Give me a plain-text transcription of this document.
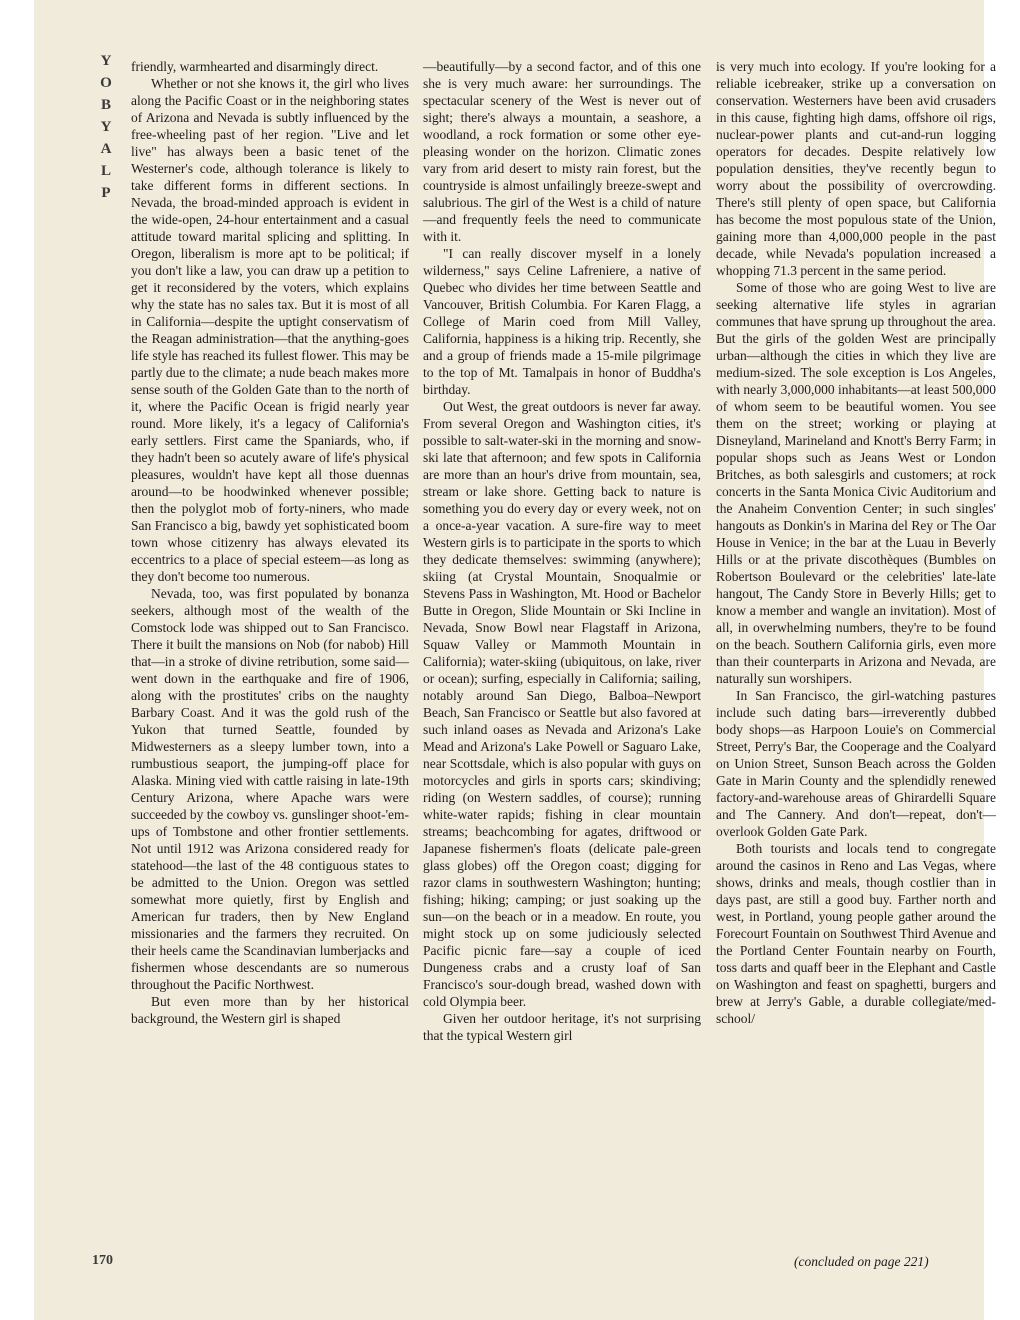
Y
O
B
Y
A
L
P

friendly, warmhearted and disarmingly direct.

Whether or not she knows it, the girl who lives along the Pacific Coast or in the neighboring states of Arizona and Nevada is subtly influenced by the free-wheeling past of her region. "Live and let live" has always been a basic tenet of the Westerner's code, although tolerance is likely to take different forms in different sections. In Nevada, the broad-minded approach is evident in the wide-open, 24-hour entertainment and a casual attitude toward marital splicing and splitting. In Oregon, liberalism is more apt to be political; if you don't like a law, you can draw up a petition to get it reconsidered by the voters, which explains why the state has no sales tax. But it is most of all in California—despite the uptight conservatism of the Reagan administration—that the anything-goes life style has reached its fullest flower. This may be partly due to the climate; a nude beach makes more sense south of the Golden Gate than to the north of it, where the Pacific Ocean is frigid nearly year round. More likely, it's a legacy of California's early settlers. First came the Spaniards, who, if they hadn't been so acutely aware of life's physical pleasures, wouldn't have kept all those duennas around—to be hoodwinked whenever possible; then the polyglot mob of forty-niners, who made San Francisco a big, bawdy yet sophisticated boom town whose citizenry has always elevated its eccentrics to a place of special esteem—as long as they don't become too numerous.

Nevada, too, was first populated by bonanza seekers, although most of the wealth of the Comstock lode was shipped out to San Francisco. There it built the mansions on Nob (for nabob) Hill that—in a stroke of divine retribution, some said—went down in the earthquake and fire of 1906, along with the prostitutes' cribs on the naughty Barbary Coast. And it was the gold rush of the Yukon that turned Seattle, founded by Midwesterners as a sleepy lumber town, into a rumbustious seaport, the jumping-off place for Alaska. Mining vied with cattle raising in late-19th Century Arizona, where Apache wars were succeeded by the cowboy vs. gunslinger shoot-'em-ups of Tombstone and other frontier settlements. Not until 1912 was Arizona considered ready for statehood—the last of the 48 contiguous states to be admitted to the Union. Oregon was settled somewhat more quietly, first by English and American fur traders, then by New England missionaries and the farmers they recruited. On their heels came the Scandinavian lumberjacks and fishermen whose descendants are so numerous throughout the Pacific Northwest.

But even more than by her historical background, the Western girl is shaped

—beautifully—by a second factor, and of this one she is very much aware: her surroundings. The spectacular scenery of the West is never out of sight; there's always a mountain, a seashore, a woodland, a rock formation or some other eye-pleasing wonder on the horizon. Climatic zones vary from arid desert to misty rain forest, but the countryside is almost unfailingly breeze-swept and salubrious. The girl of the West is a child of nature—and frequently feels the need to communicate with it.

"I can really discover myself in a lonely wilderness," says Celine Lafreniere, a native of Quebec who divides her time between Seattle and Vancouver, British Columbia. For Karen Flagg, a College of Marin coed from Mill Valley, California, happiness is a hiking trip. Recently, she and a group of friends made a 15-mile pilgrimage to the top of Mt. Tamalpais in honor of Buddha's birthday.

Out West, the great outdoors is never far away. From several Oregon and Washington cities, it's possible to salt-water-ski in the morning and snow-ski late that afternoon; and few spots in California are more than an hour's drive from mountain, sea, stream or lake shore. Getting back to nature is something you do every day or every week, not on a once-a-year vacation. A sure-fire way to meet Western girls is to participate in the sports to which they dedicate themselves: swimming (anywhere); skiing (at Crystal Mountain, Snoqualmie or Stevens Pass in Washington, Mt. Hood or Bachelor Butte in Oregon, Slide Mountain or Ski Incline in Nevada, Snow Bowl near Flagstaff in Arizona, Squaw Valley or Mammoth Mountain in California); water-skiing (ubiquitous, on lake, river or ocean); surfing, especially in California; sailing, notably around San Diego, Balboa–Newport Beach, San Francisco or Seattle but also favored at such inland oases as Nevada and Arizona's Lake Mead and Arizona's Lake Powell or Saguaro Lake, near Scottsdale, which is also popular with guys on motorcycles and girls in sports cars; skindiving; riding (on Western saddles, of course); running white-water rapids; fishing in clear mountain streams; beachcombing for agates, driftwood or Japanese fishermen's floats (delicate pale-green glass globes) off the Oregon coast; digging for razor clams in southwestern Washington; hunting; fishing; hiking; camping; or just soaking up the sun—on the beach or in a meadow. En route, you might stock up on some judiciously selected Pacific picnic fare—say a couple of iced Dungeness crabs and a crusty loaf of San Francisco's sour-dough bread, washed down with cold Olympia beer.

Given her outdoor heritage, it's not surprising that the typical Western girl

is very much into ecology. If you're looking for a reliable icebreaker, strike up a conversation on conservation. Westerners have been avid crusaders in this cause, fighting high dams, offshore oil rigs, nuclear-power plants and cut-and-run logging operators for decades. Despite relatively low population densities, they've recently begun to worry about the possibility of overcrowding. There's still plenty of open space, but California has become the most populous state of the Union, gaining more than 4,000,000 people in the past decade, while Nevada's population increased a whopping 71.3 percent in the same period.

Some of those who are going West to live are seeking alternative life styles in agrarian communes that have sprung up throughout the area. But the girls of the golden West are principally urban—although the cities in which they live are medium-sized. The sole exception is Los Angeles, with nearly 3,000,000 inhabitants—at least 500,000 of whom seem to be beautiful women. You see them on the street; working or playing at Disneyland, Marineland and Knott's Berry Farm; in popular shops such as Jeans West or London Britches, as both salesgirls and customers; at rock concerts in the Santa Monica Civic Auditorium and the Anaheim Convention Center; in such singles' hangouts as Donkin's in Marina del Rey or The Oar House in Venice; in the bar at the Luau in Beverly Hills or at the private discothèques (Bumbles on Robertson Boulevard or the celebrities' late-late hangout, The Candy Store in Beverly Hills; get to know a member and wangle an invitation). Most of all, in overwhelming numbers, they're to be found on the beach. Southern California girls, even more than their counterparts in Arizona and Nevada, are naturally sun worshipers.

In San Francisco, the girl-watching pastures include such dating bars—irreverently dubbed body shops—as Harpoon Louie's on Commercial Street, Perry's Bar, the Cooperage and the Coalyard on Union Street, Sunson Beach across the Golden Gate in Marin County and the splendidly renewed factory-and-warehouse areas of Ghirardelli Square and The Cannery. And don't—repeat, don't—overlook Golden Gate Park.

Both tourists and locals tend to congregate around the casinos in Reno and Las Vegas, where shows, drinks and meals, though costlier than in days past, are still a good buy. Farther north and west, in Portland, young people gather around the Forecourt Fountain on Southwest Third Avenue and the Portland Center Fountain nearby on Fourth, toss darts and quaff beer in the Elephant and Castle on Washington and feast on spaghetti, burgers and brew at Jerry's Gable, a durable collegiate/med-school/

170	(concluded on page 221)
